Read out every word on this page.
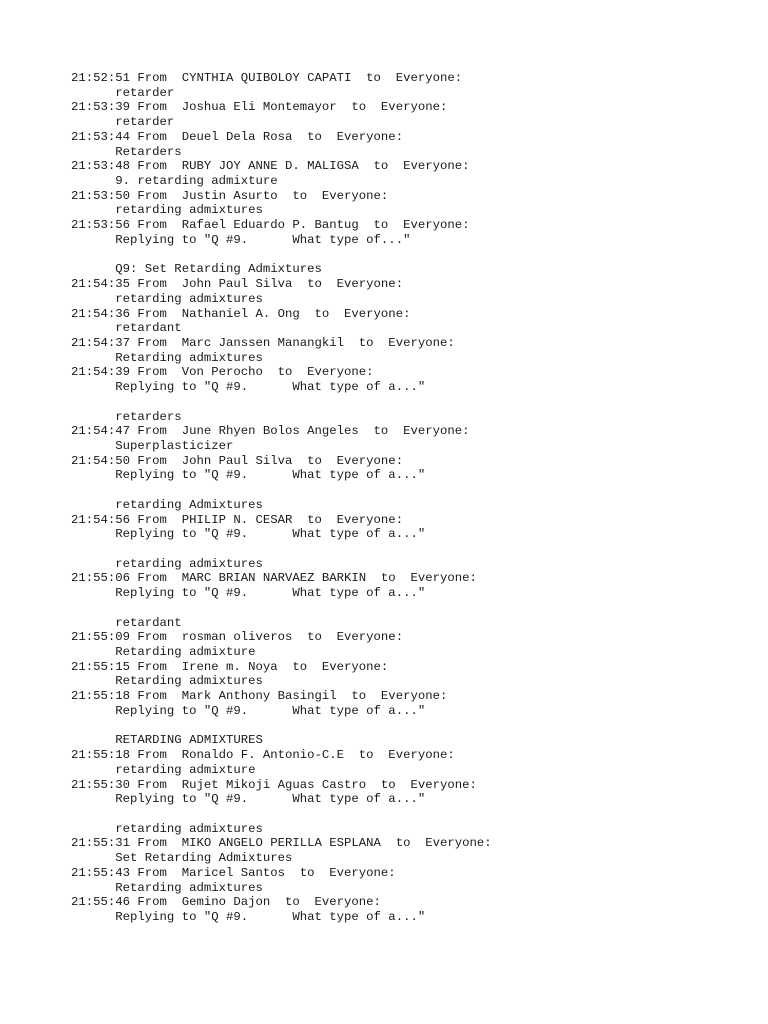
21:52:51 From  CYNTHIA QUIBOLOY CAPATI  to  Everyone:
retarder
21:53:39 From  Joshua Eli Montemayor  to  Everyone:
retarder
21:53:44 From  Deuel Dela Rosa  to  Everyone:
Retarders
21:53:48 From  RUBY JOY ANNE D. MALIGSA  to  Everyone:
9. retarding admixture
21:53:50 From  Justin Asurto  to  Everyone:
retarding admixtures
21:53:56 From  Rafael Eduardo P. Bantug  to  Everyone:
Replying to "Q #9.      What type of..."
Q9: Set Retarding Admixtures
21:54:35 From  John Paul Silva  to  Everyone:
retarding admixtures
21:54:36 From  Nathaniel A. Ong  to  Everyone:
retardant
21:54:37 From  Marc Janssen Manangkil  to  Everyone:
Retarding admixtures
21:54:39 From  Von Perocho  to  Everyone:
Replying to "Q #9.      What type of a..."
retarders
21:54:47 From  June Rhyen Bolos Angeles  to  Everyone:
Superplasticizer
21:54:50 From  John Paul Silva  to  Everyone:
Replying to "Q #9.      What type of a..."
retarding Admixtures
21:54:56 From  PHILIP N. CESAR  to  Everyone:
Replying to "Q #9.      What type of a..."
retarding admixtures
21:55:06 From  MARC BRIAN NARVAEZ BARKIN  to  Everyone:
Replying to "Q #9.      What type of a..."
retardant
21:55:09 From  rosman oliveros  to  Everyone:
Retarding admixture
21:55:15 From  Irene m. Noya  to  Everyone:
Retarding admixtures
21:55:18 From  Mark Anthony Basingil  to  Everyone:
Replying to "Q #9.      What type of a..."
RETARDING ADMIXTURES
21:55:18 From  Ronaldo F. Antonio-C.E  to  Everyone:
retarding admixture
21:55:30 From  Rujet Mikoji Aguas Castro  to  Everyone:
Replying to "Q #9.      What type of a..."
retarding admixtures
21:55:31 From  MIKO ANGELO PERILLA ESPLANA  to  Everyone:
Set Retarding Admixtures
21:55:43 From  Maricel Santos  to  Everyone:
Retarding admixtures
21:55:46 From  Gemino Dajon  to  Everyone:
Replying to "Q #9.      What type of a..."
